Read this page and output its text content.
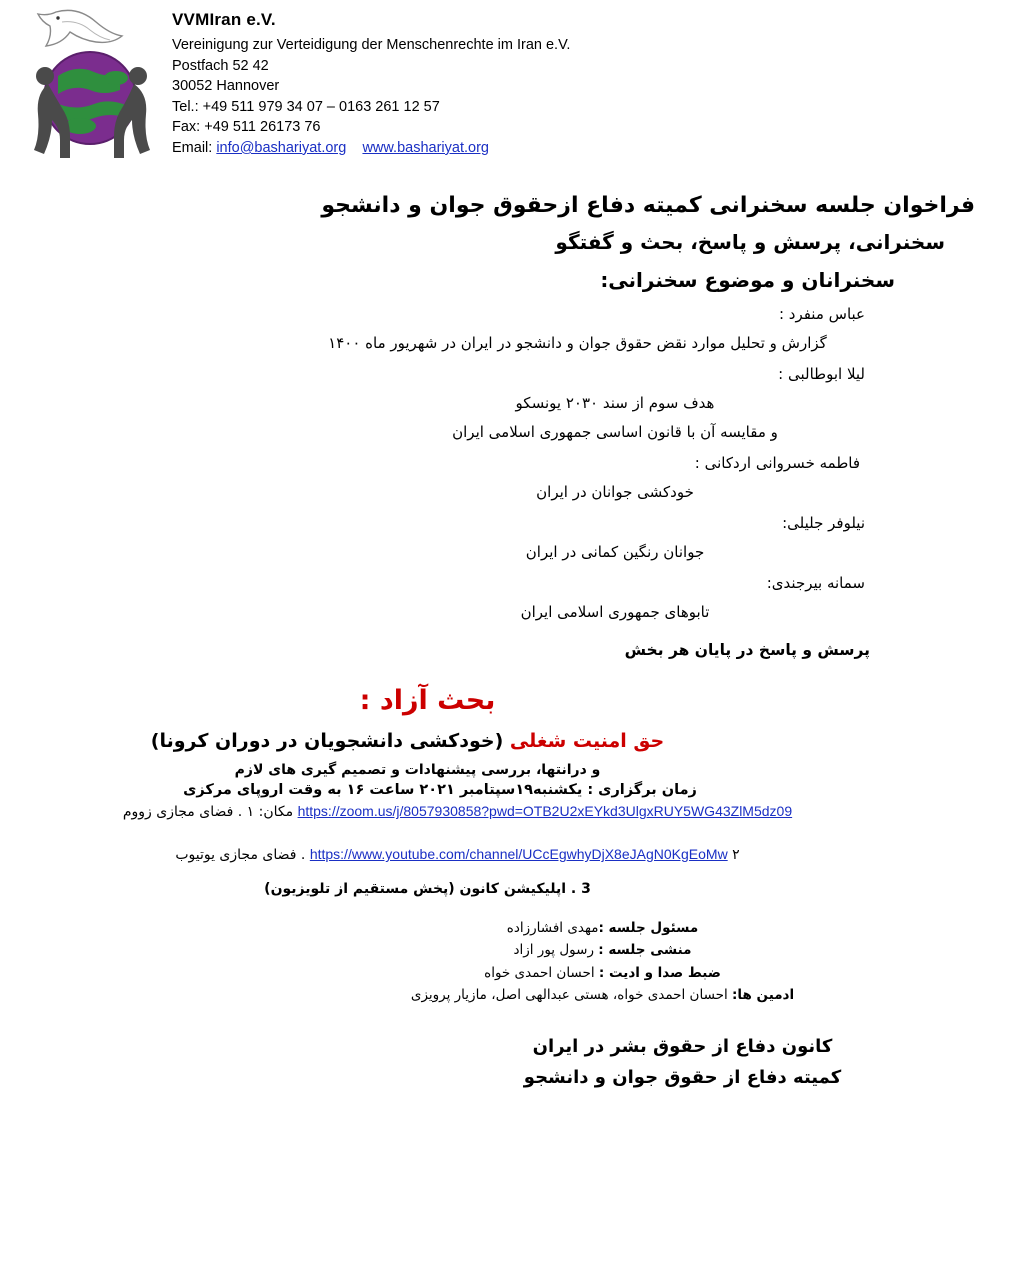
VVMIran e.V.
Vereinigung zur Verteidigung der Menschenrechte im Iran e.V.
Postfach 52 42
30052 Hannover
Tel.: +49 511 979 34 07 – 0163 261 12 57
Fax: +49 511 26173 76
Email: info@bashariyat.org www.bashariyat.org
فراخوان جلسه سخنرانی کمیته دفاع ازحقوق جوان و دانشجو
سخنرانی، پرسش و پاسخ، بحث و گفتگو
سخنرانان و موضوع سخنرانی:
عباس منفرد :
گزارش و تحلیل موارد نقض حقوق جوان و دانشجو در ایران در شهریور ماه ۱۴۰۰
لیلا ابوطالبی :
هدف سوم از سند ۲۰۳۰ یونسکو
و مقایسه آن با قانون اساسی جمهوری اسلامی ایران
فاطمه خسروانی اردکانی :
خودکشی جوانان در ایران
نیلوفر جلیلی:
جوانان رنگین کمانی در ایران
سمانه بیرجندی:
تابوهای جمهوری اسلامی ایران
پرسش و پاسخ در پایان هر بخش
بحث آزاد :
حق امنیت شغلی (خودکشی دانشجویان در دوران کرونا)
و درانتها، بررسی پیشنهادات و تصمیم گیری های لازم
زمان برگزاری : یکشنبه۱۹سپتامبر ۲۰۲۱ ساعت ۱۶ به وقت اروپای مرکزی
https://zoom.us/j/8057930858?pwd=OTB2U2xEYkd3UlgxRUY5WG43ZlM5dz09 مکان: ۱ . فضای مجازی زووم
https://www.youtube.com/channel/UCcEgwhyDjX8eJAgN0KgEoMw ۲ . فضای مجازی یوتیوب
3 . اپلیکیشن کانون (پخش مستقیم از تلویزیون)
مسئول جلسه :مهدی افشارزاده
منشی جلسه : رسول پور ازاد
ضبط صدا و ادیت : احسان احمدی خواه
ادمین ها: احسان احمدی خواه، هستی عبدالهی اصل، مازیار پرویزی
کانون دفاع از حقوق بشر در ایران
کمیته دفاع از حقوق جوان و دانشجو
